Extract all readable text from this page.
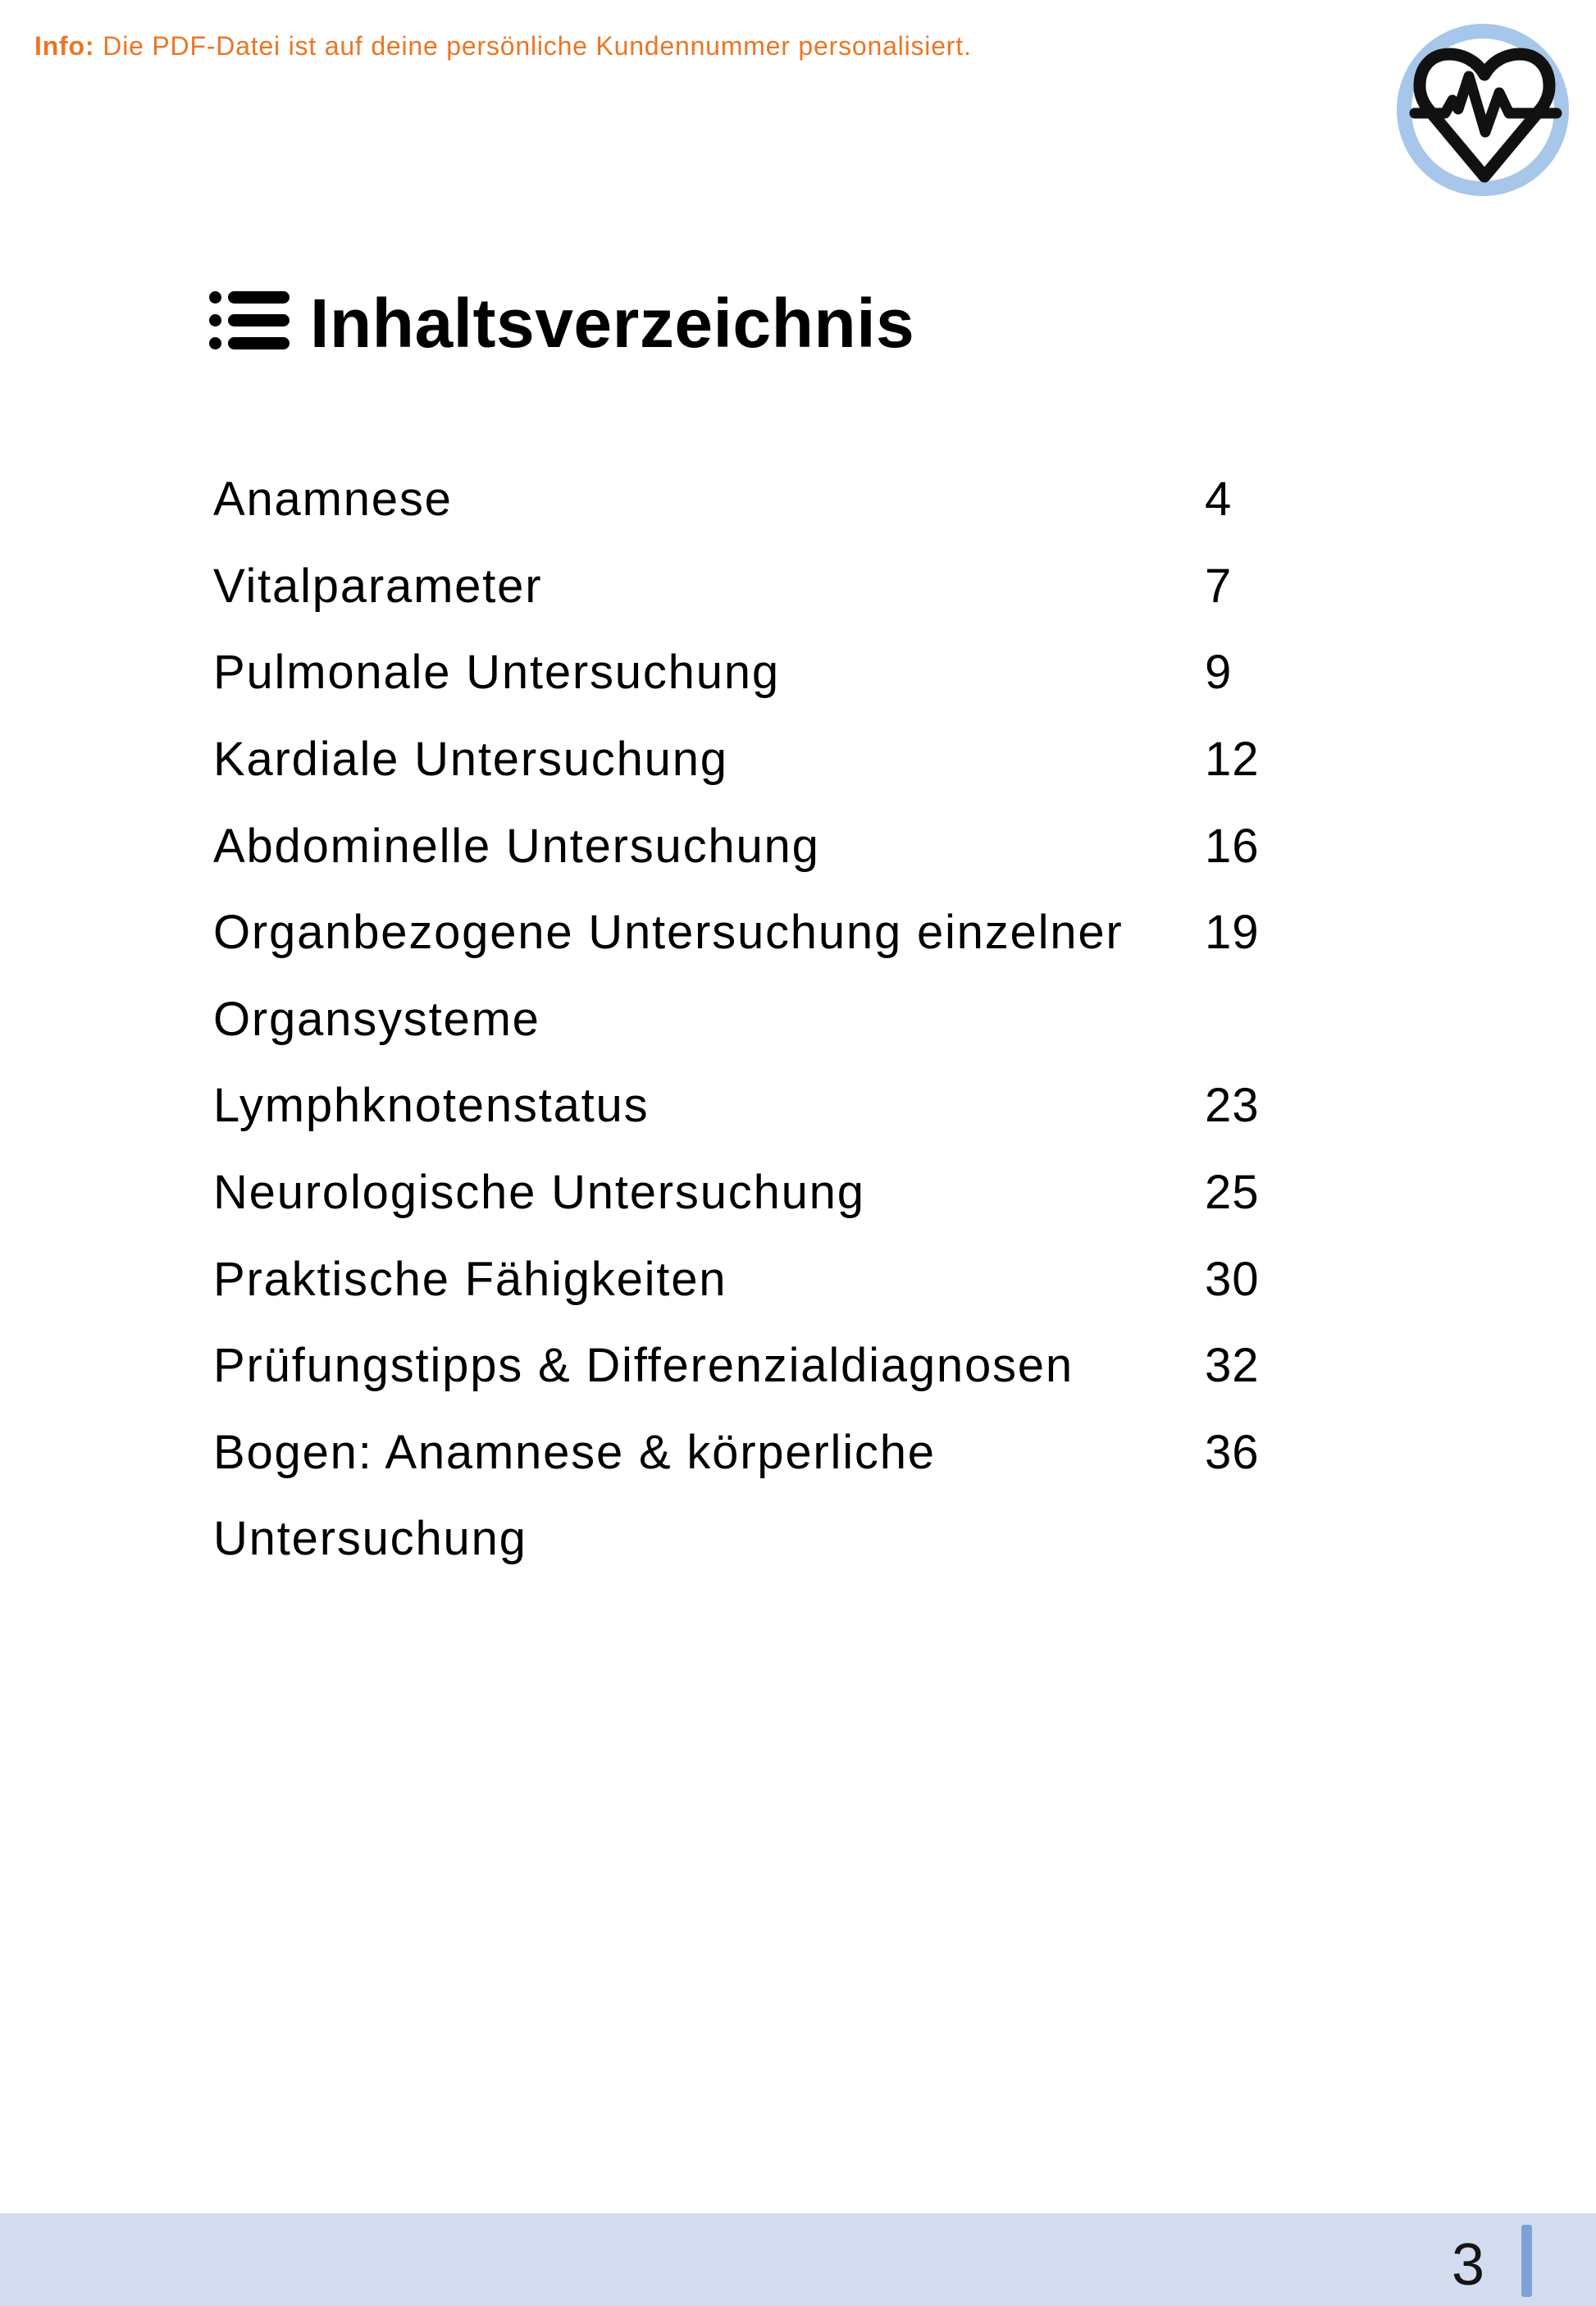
Inhaltsverzeichnis
Anamnese	4
Vitalparameter	7
Pulmonale Untersuchung	9
Kardiale Untersuchung	12
Abdominelle Untersuchung	16
Organbezogene Untersuchung einzelner	19
Organsysteme
Lymphknotenstatus	23
Neurologische Untersuchung	25
Praktische Fähigkeiten	30
Prüfungstipps & Differenzialdiagnosen	32
Bogen: Anamnese & körperliche	36
Untersuchung
Info: Die PDF-Datei ist auf deine persönliche Kundennummer personalisiert.
3
